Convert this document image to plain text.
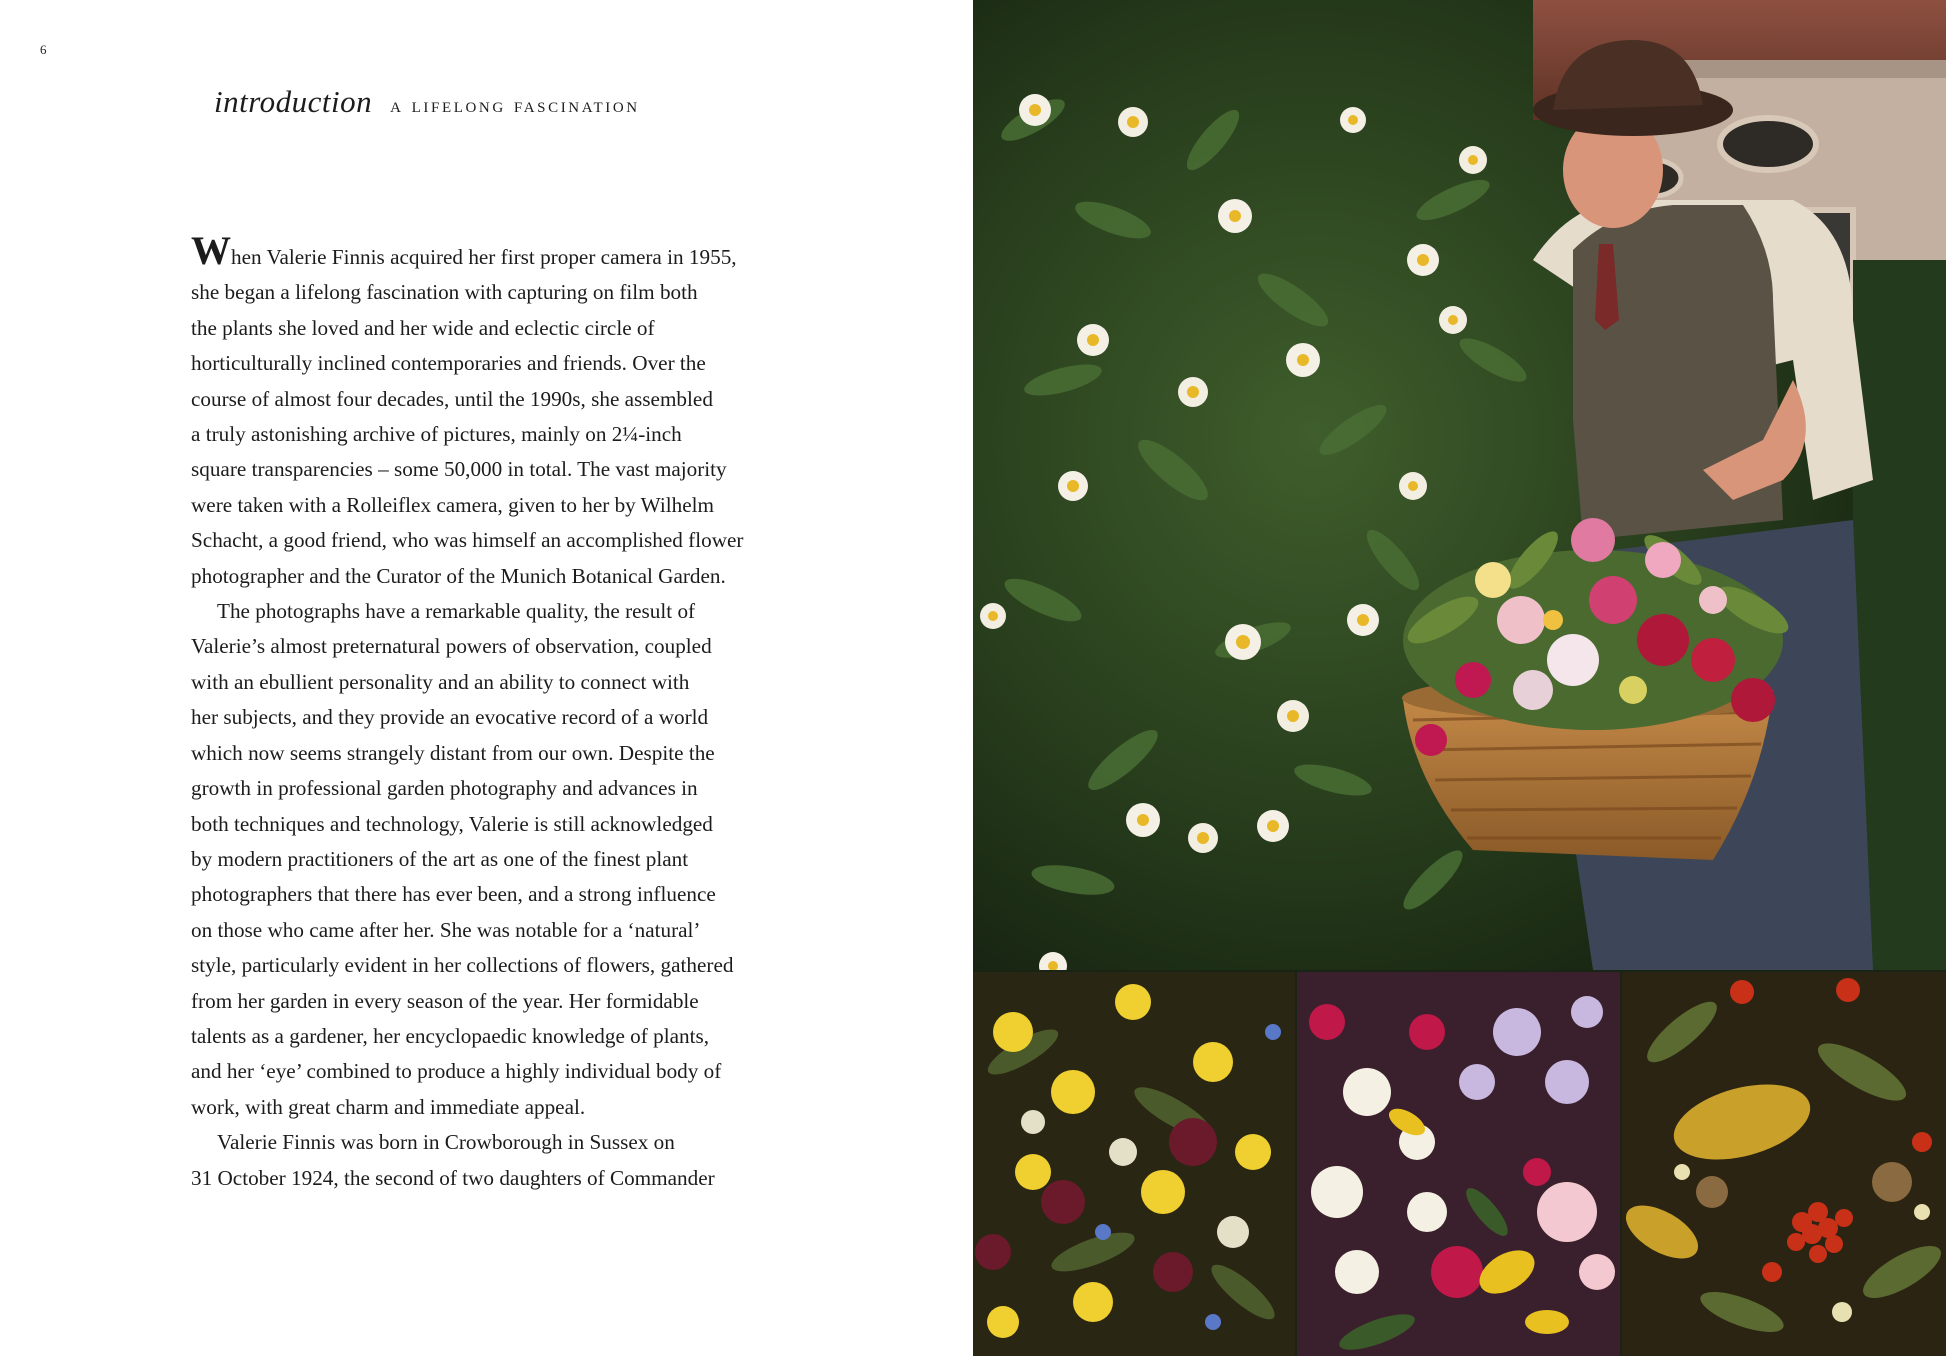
6
introduction a lifelong fascination
When Valerie Finnis acquired her first proper camera in 1955,
she began a lifelong fascination with capturing on film both
the plants she loved and her wide and eclectic circle of
horticulturally inclined contemporaries and friends. Over the
course of almost four decades, until the 1990s, she assembled
a truly astonishing archive of pictures, mainly on 2¼-inch
square transparencies – some 50,000 in total. The vast majority
were taken with a Rolleiflex camera, given to her by Wilhelm
Schacht, a good friend, who was himself an accomplished flower
photographer and the Curator of the Munich Botanical Garden.
The photographs have a remarkable quality, the result of
Valerie’s almost preternatural powers of observation, coupled
with an ebullient personality and an ability to connect with
her subjects, and they provide an evocative record of a world
which now seems strangely distant from our own. Despite the
growth in professional garden photography and advances in
both techniques and technology, Valerie is still acknowledged
by modern practitioners of the art as one of the finest plant
photographers that there has ever been, and a strong influence
on those who came after her. She was notable for a ‘natural’
style, particularly evident in her collections of flowers, gathered
from her garden in every season of the year. Her formidable
talents as a gardener, her encyclopaedic knowledge of plants,
and her ‘eye’ combined to produce a highly individual body of
work, with great charm and immediate appeal.
Valerie Finnis was born in Crowborough in Sussex on
31 October 1924, the second of two daughters of Commander
